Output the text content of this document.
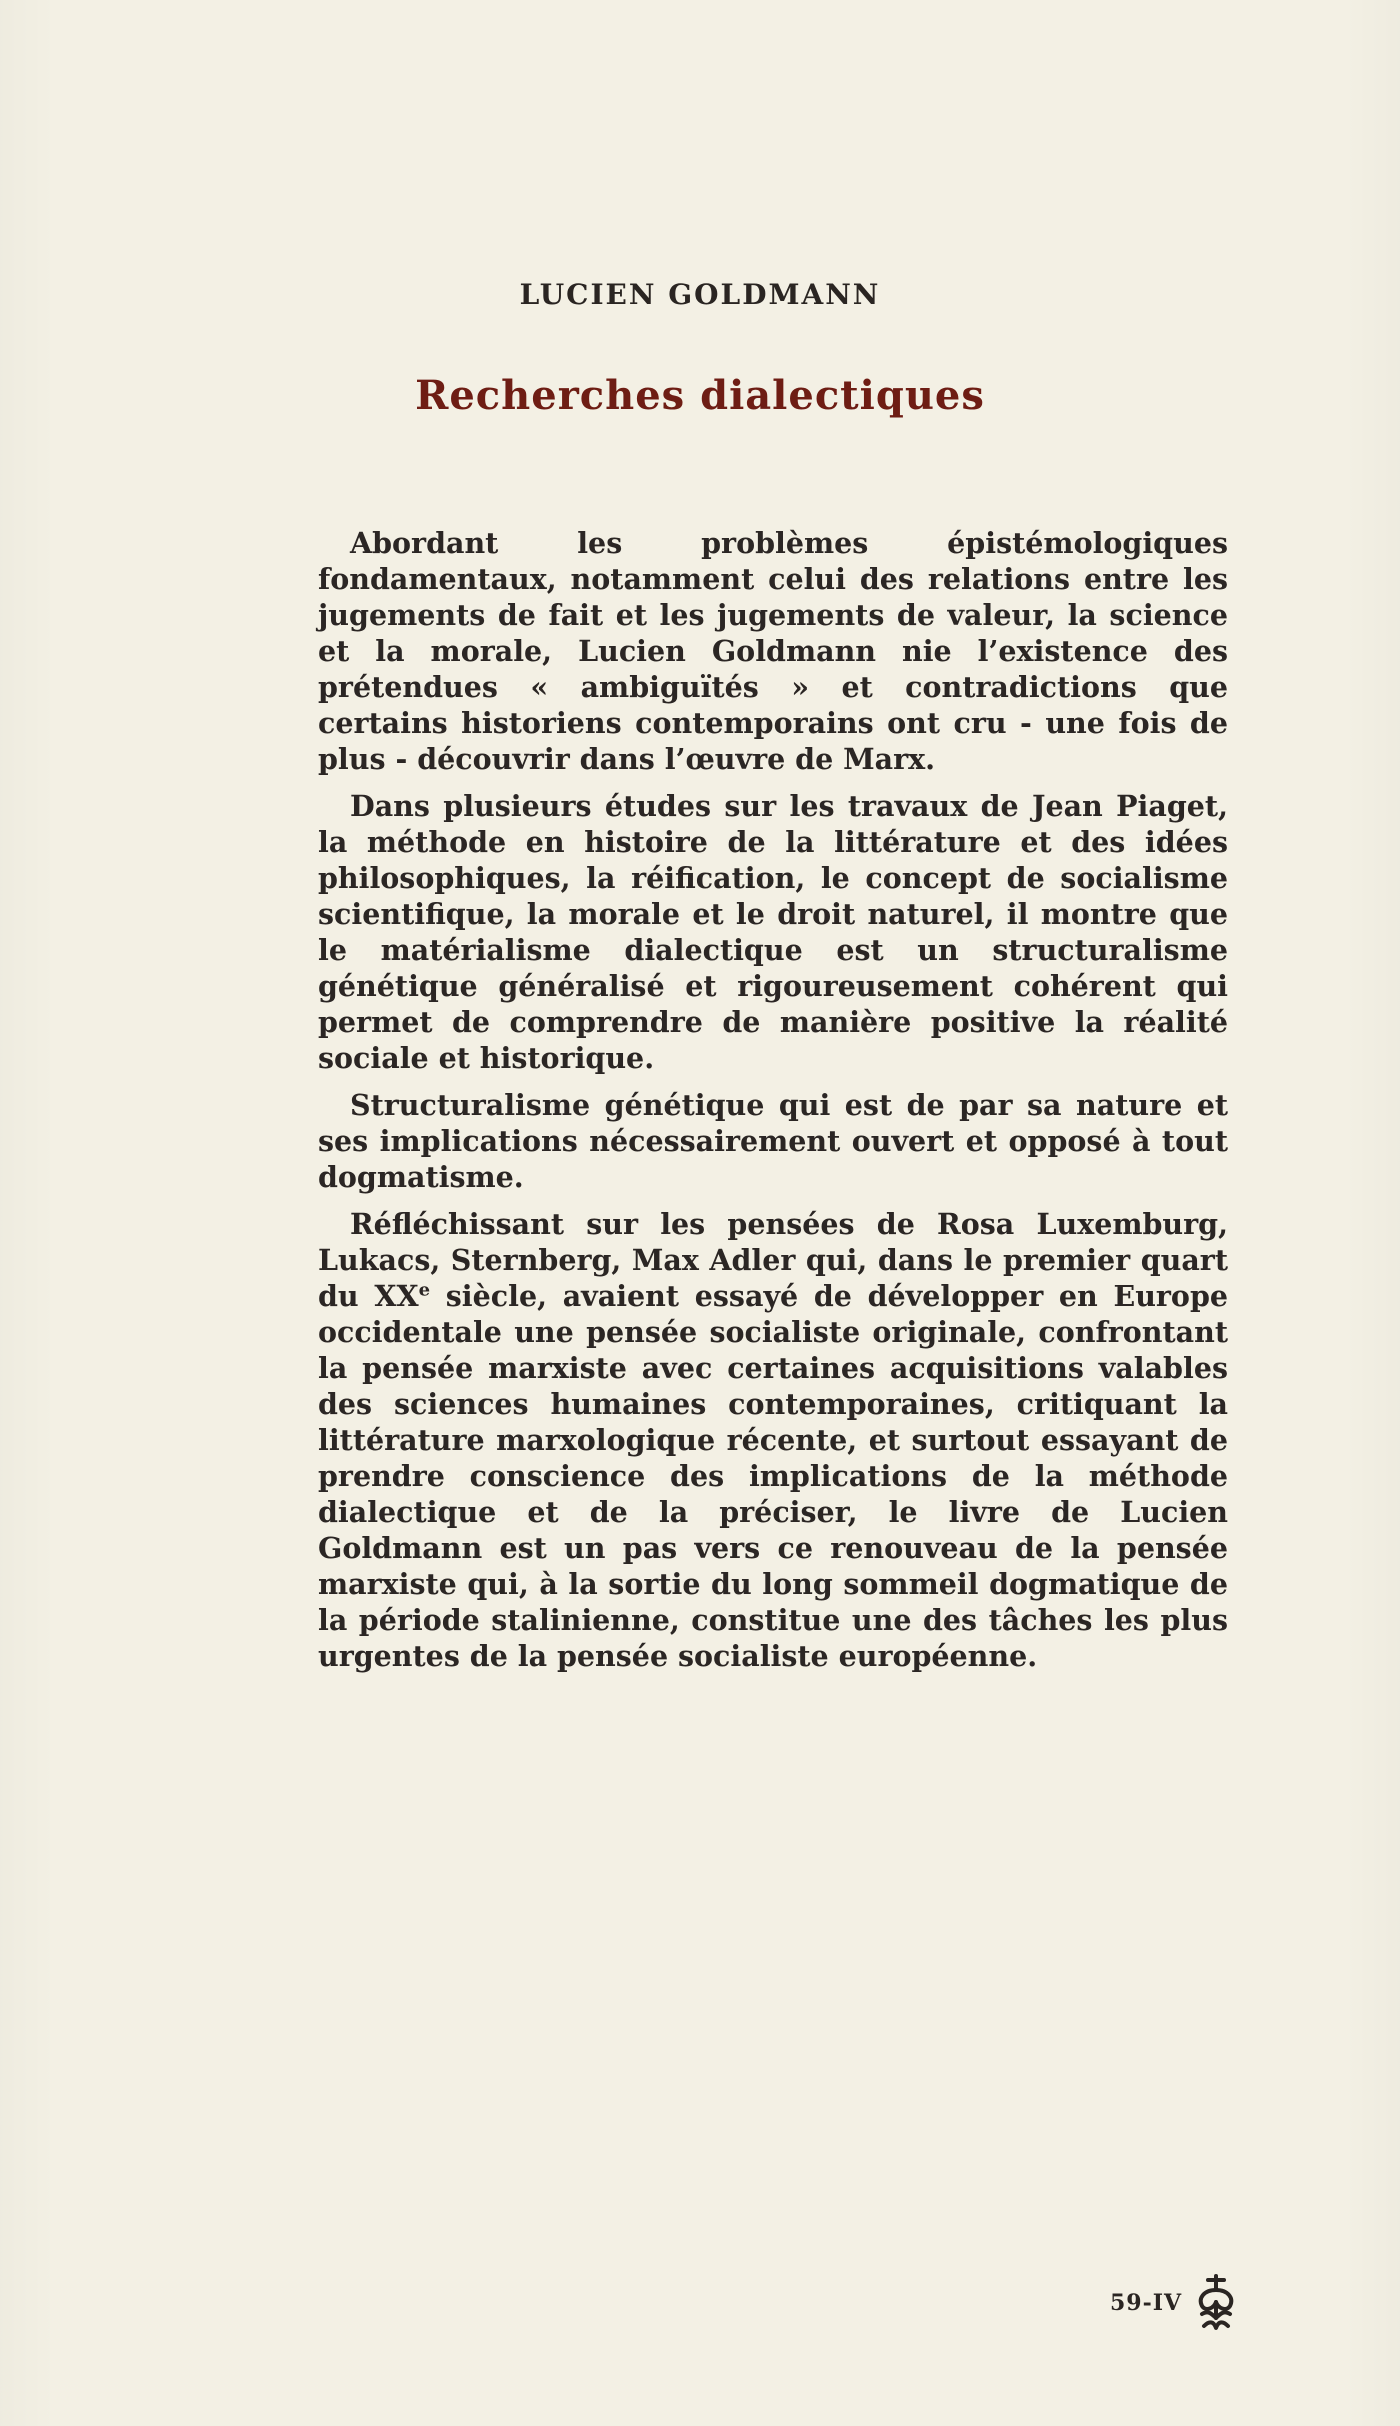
LUCIEN GOLDMANN
Recherches dialectiques

Abordant les problèmes épistémologiques fondamentaux, notamment celui des relations entre les jugements de fait et les jugements de valeur, la science et la morale, Lucien Goldmann nie l’existence des prétendues « ambiguïtés » et contradictions que certains historiens contemporains ont cru - une fois de plus - découvrir dans l’œuvre de Marx.

Dans plusieurs études sur les travaux de Jean Piaget, la méthode en histoire de la littérature et des idées philosophiques, la réification, le concept de socialisme scientifique, la morale et le droit naturel, il montre que le matérialisme dialectique est un structuralisme génétique généralisé et rigoureusement cohérent qui permet de comprendre de manière positive la réalité sociale et historique.

Structuralisme génétique qui est de par sa nature et ses implications nécessairement ouvert et opposé à tout dogmatisme.

Réfléchissant sur les pensées de Rosa Luxemburg, Lukacs, Sternberg, Max Adler qui, dans le premier quart du XXe siècle, avaient essayé de développer en Europe occidentale une pensée socialiste originale, confrontant la pensée marxiste avec certaines acquisitions valables des sciences humaines contemporaines, critiquant la littérature marxologique récente, et surtout essayant de prendre conscience des implications de la méthode dialectique et de la préciser, le livre de Lucien Goldmann est un pas vers ce renouveau de la pensée marxiste qui, à la sortie du long sommeil dogmatique de la période stalinienne, constitue une des tâches les plus urgentes de la pensée socialiste européenne.

59-IV
